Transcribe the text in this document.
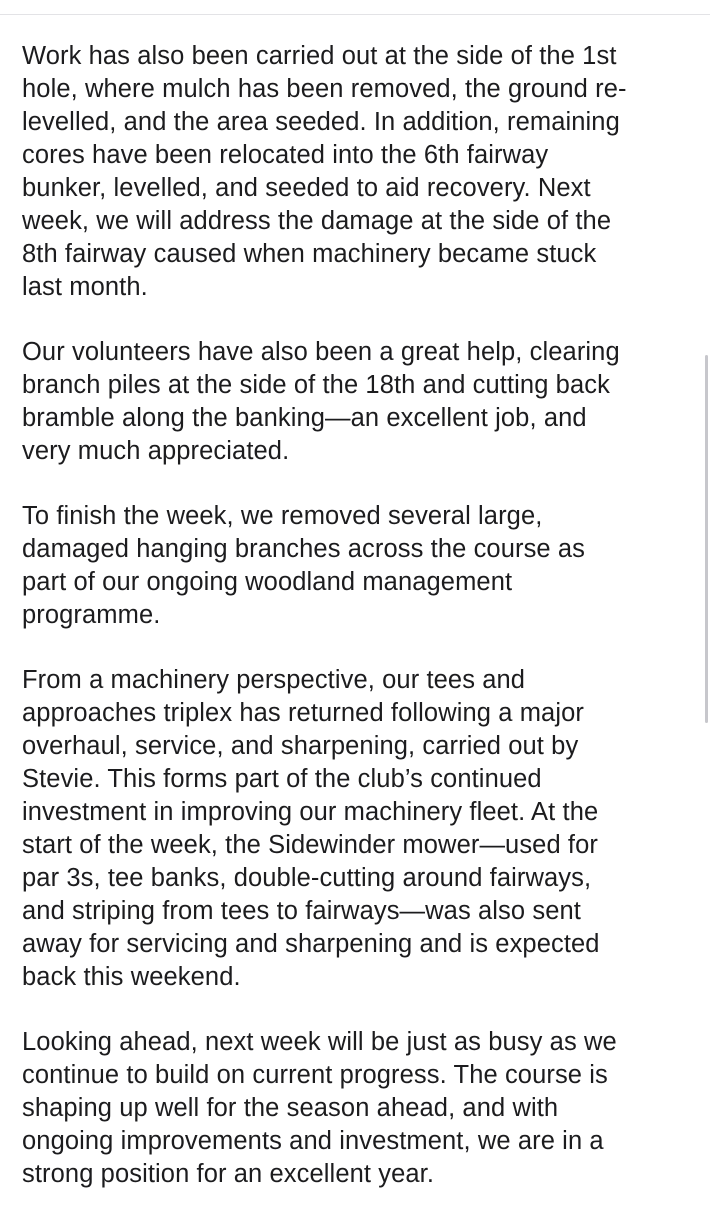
Work has also been carried out at the side of the 1st
hole, where mulch has been removed, the ground re-
levelled, and the area seeded. In addition, remaining
cores have been relocated into the 6th fairway
bunker, levelled, and seeded to aid recovery. Next
week, we will address the damage at the side of the
8th fairway caused when machinery became stuck
last month.

Our volunteers have also been a great help, clearing
branch piles at the side of the 18th and cutting back
bramble along the banking—an excellent job, and
very much appreciated.

To finish the week, we removed several large,
damaged hanging branches across the course as
part of our ongoing woodland management
programme.

From a machinery perspective, our tees and
approaches triplex has returned following a major
overhaul, service, and sharpening, carried out by
Stevie. This forms part of the club’s continued
investment in improving our machinery fleet. At the
start of the week, the Sidewinder mower—used for
par 3s, tee banks, double-cutting around fairways,
and striping from tees to fairways—was also sent
away for servicing and sharpening and is expected
back this weekend.

Looking ahead, next week will be just as busy as we
continue to build on current progress. The course is
shaping up well for the season ahead, and with
ongoing improvements and investment, we are in a
strong position for an excellent year.
